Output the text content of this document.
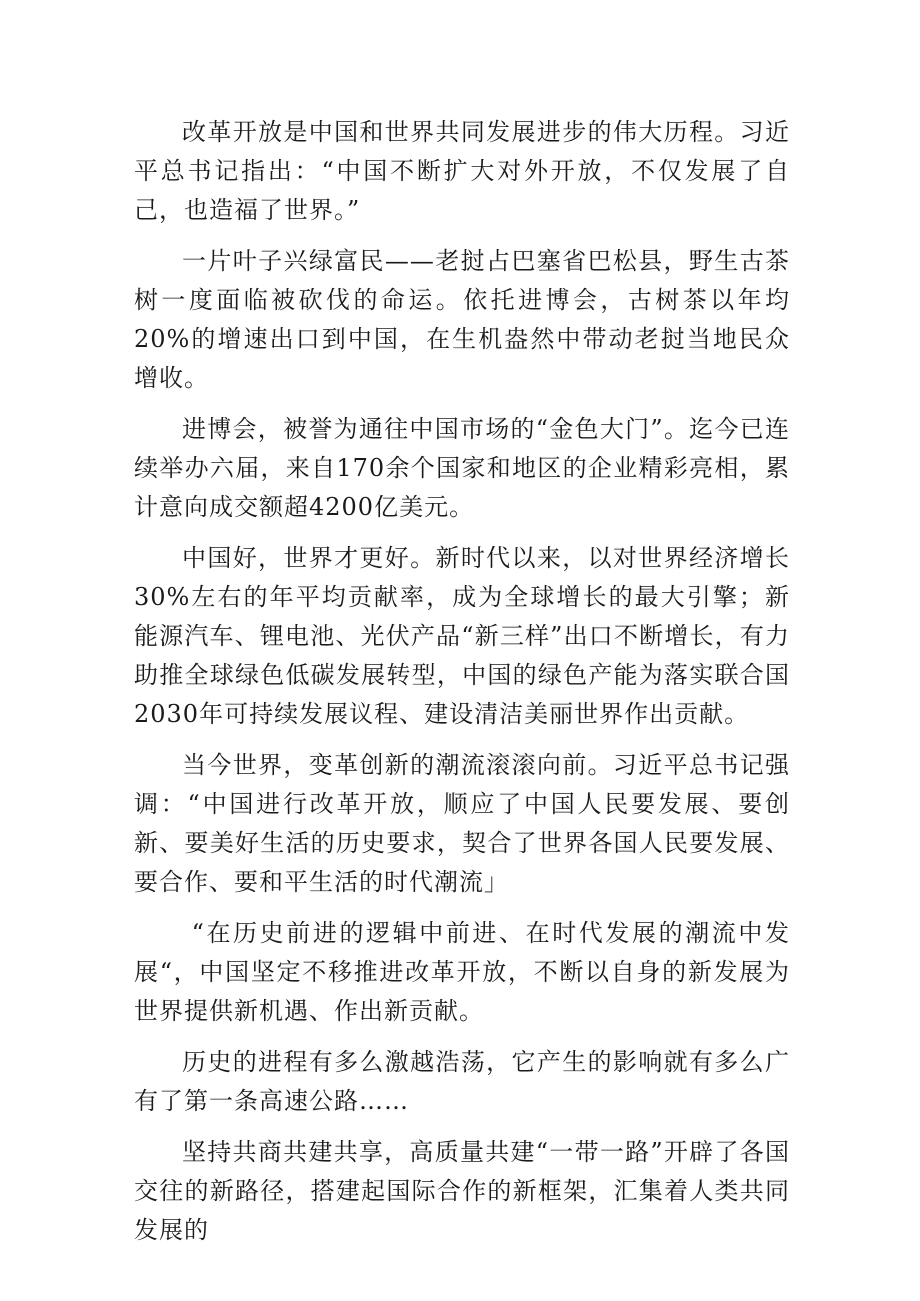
改革开放是中国和世界共同发展进步的伟大历程。习近平总书记指出：“中国不断扩大对外开放，不仅发展了自己，也造福了世界。”

一片叶子兴绿富民——老挝占巴塞省巴松县，野生古茶树一度面临被砍伐的命运。依托进博会，古树茶以年均20%的增速出口到中国，在生机盎然中带动老挝当地民众增收。

进博会，被誉为通往中国市场的“金色大门”。迄今已连续举办六届，来自170余个国家和地区的企业精彩亮相，累计意向成交额超4200亿美元。

中国好，世界才更好。新时代以来，以对世界经济增长30%左右的年平均贡献率，成为全球增长的最大引擎；新能源汽车、锂电池、光伏产品“新三样”出口不断增长，有力助推全球绿色低碳发展转型，中国的绿色产能为落实联合国2030年可持续发展议程、建设清洁美丽世界作出贡献。

当今世界，变革创新的潮流滚滚向前。习近平总书记强调：“中国进行改革开放，顺应了中国人民要发展、要创新、要美好生活的历史要求，契合了世界各国人民要发展、要合作、要和平生活的时代潮流」

“在历史前进的逻辑中前进、在时代发展的潮流中发展“，中国坚定不移推进改革开放，不断以自身的新发展为世界提供新机遇、作出新贡献。

历史的进程有多么激越浩荡，它产生的影响就有多么广有了第一条高速公路……

坚持共商共建共享，高质量共建“一带一路”开辟了各国交往的新路径，搭建起国际合作的新框架，汇集着人类共同发展的
